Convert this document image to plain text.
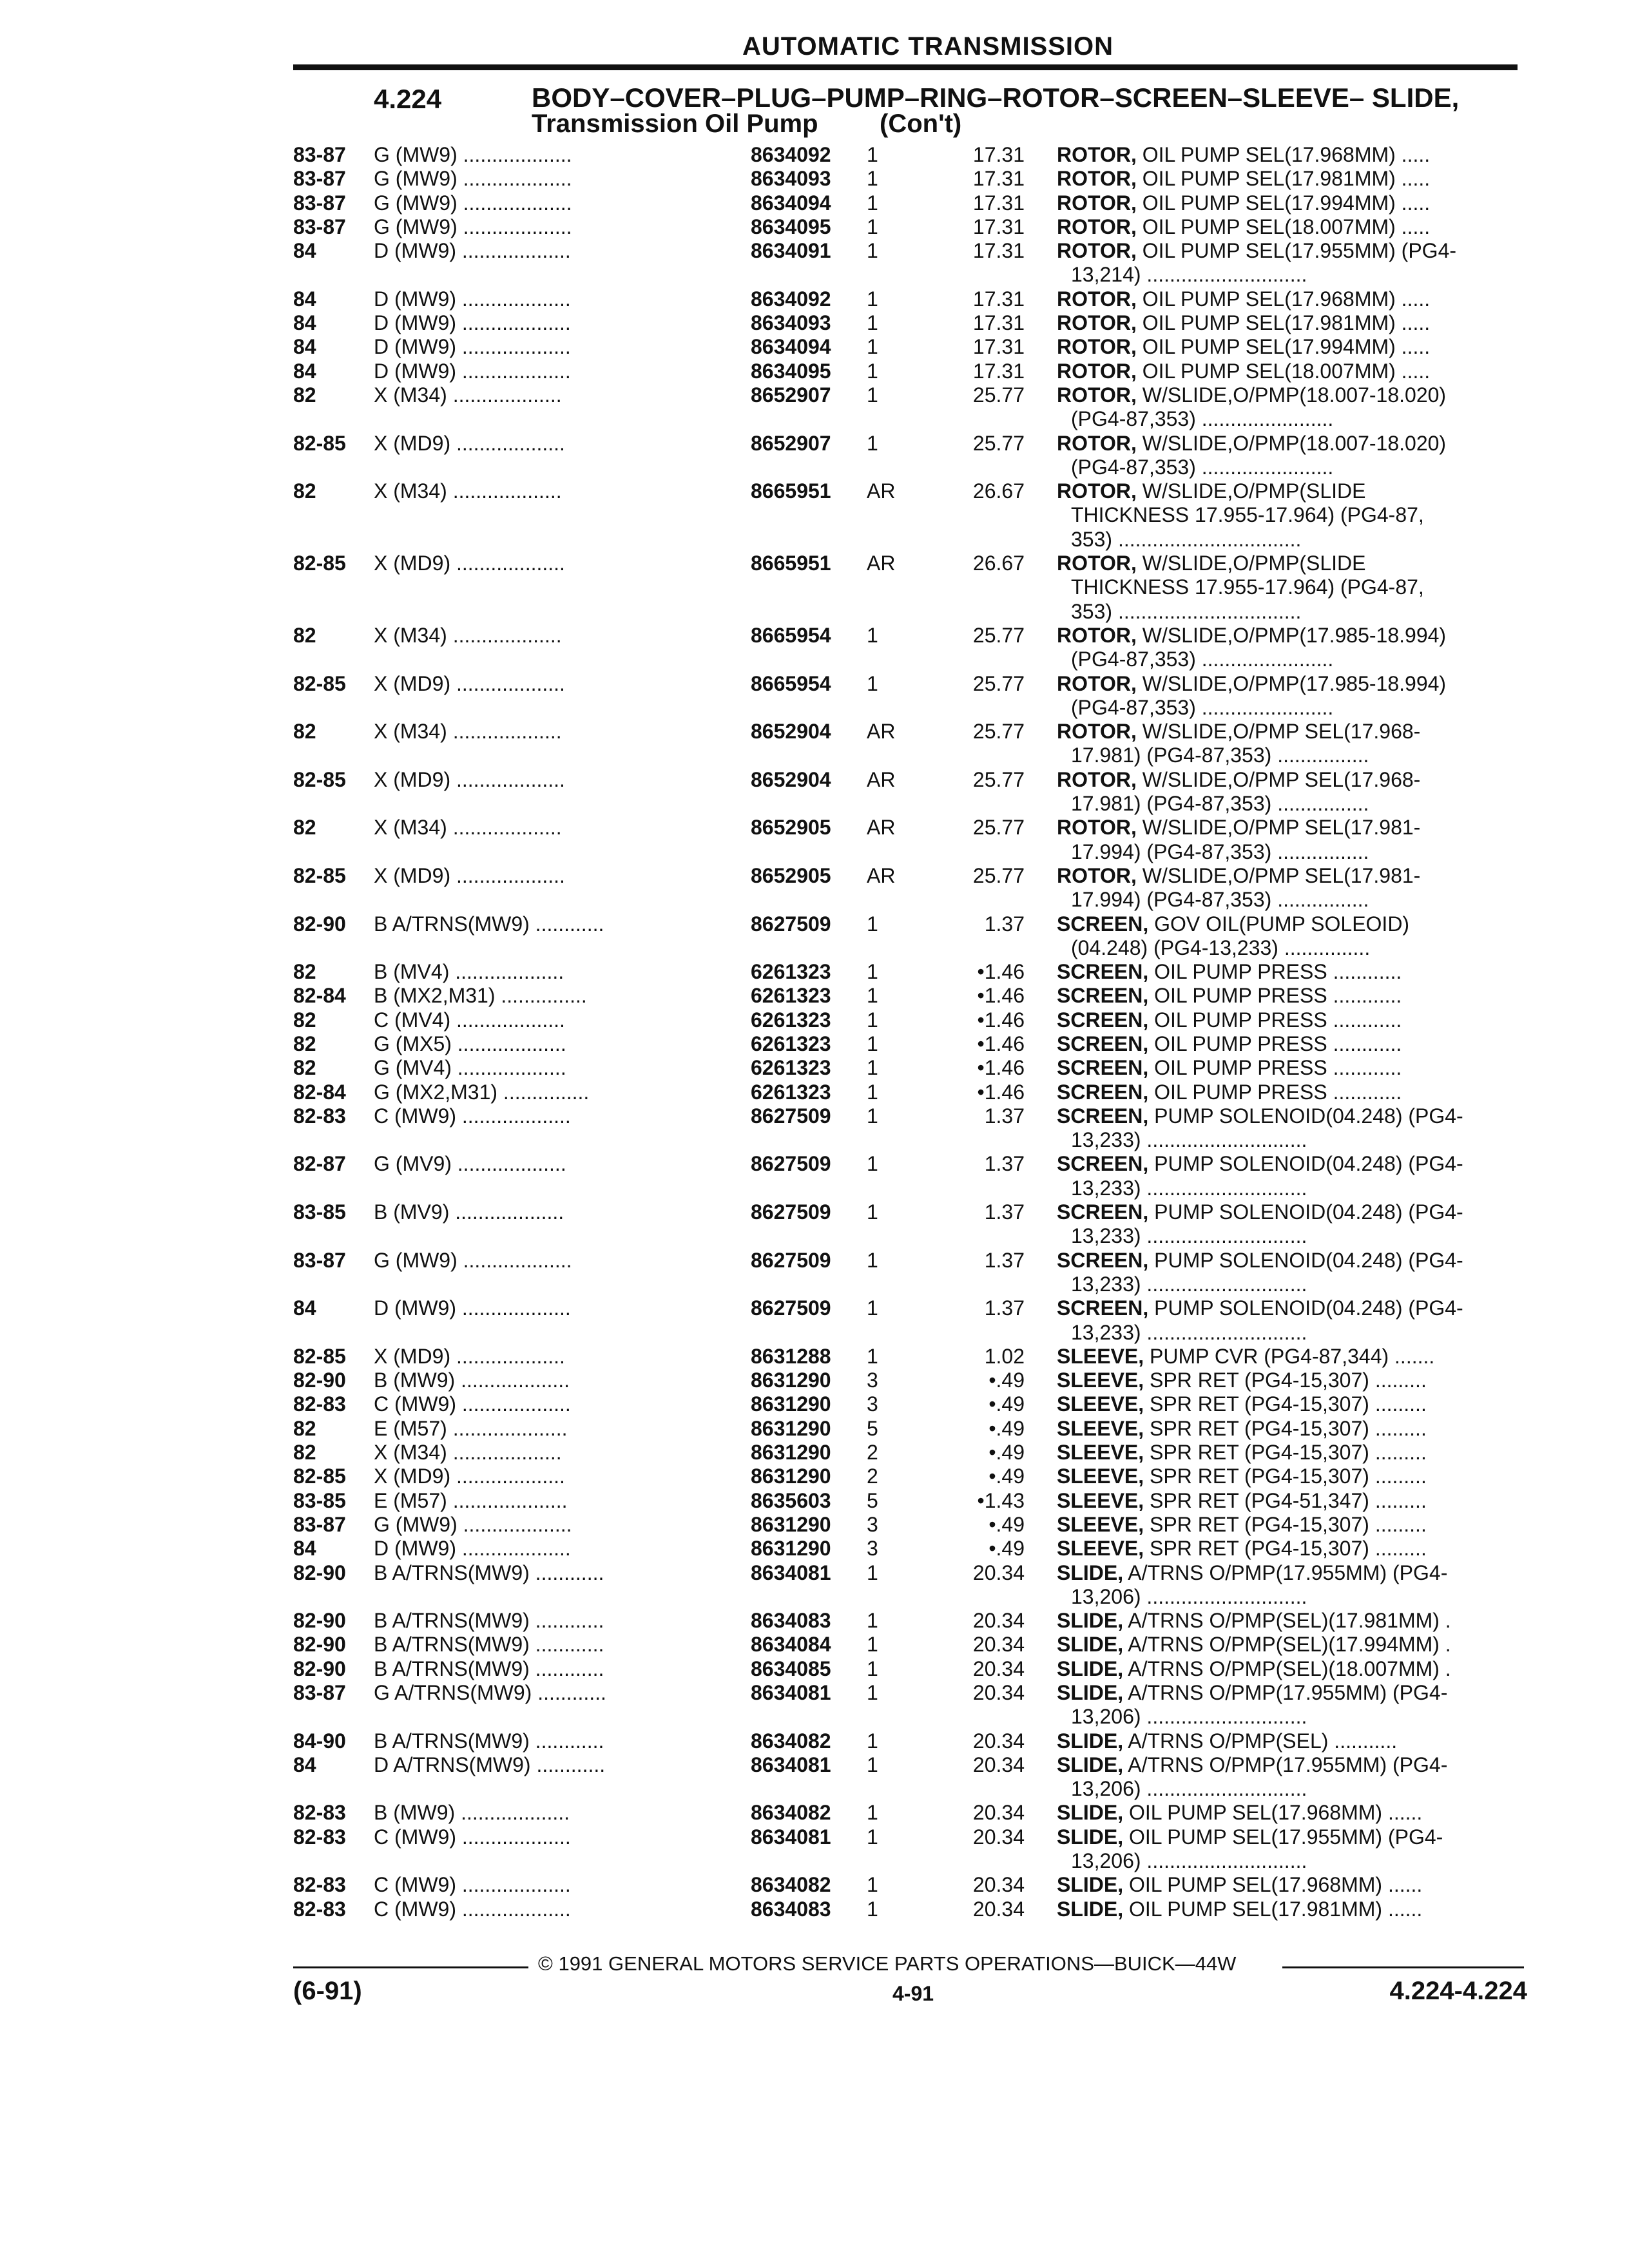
AUTOMATIC TRANSMISSION
4.224	BODY–COVER–PLUG–PUMP–RING–ROTOR–SCREEN–SLEEVE– SLIDE,
Transmission Oil Pump (Con't)
83-87 G (MW9) ...................	8634092 1	17.31 ROTOR, OIL PUMP SEL(17.968MM) .....
83-87 G (MW9) ...................	8634093 1	17.31 ROTOR, OIL PUMP SEL(17.981MM) .....
83-87 G (MW9) ...................	8634094 1	17.31 ROTOR, OIL PUMP SEL(17.994MM) .....
83-87 G (MW9) ...................	8634095 1	17.31 ROTOR, OIL PUMP SEL(18.007MM) .....
84	D (MW9) ...................	8634091 1	17.31 ROTOR, OIL PUMP SEL(17.955MM) (PG4-
13,214) ............................
84	D (MW9) ...................	8634092 1	17.31 ROTOR, OIL PUMP SEL(17.968MM) .....
84	D (MW9) ...................	8634093 1	17.31 ROTOR, OIL PUMP SEL(17.981MM) .....
84	D (MW9) ...................	8634094 1	17.31 ROTOR, OIL PUMP SEL(17.994MM) .....
84	D (MW9) ...................	8634095 1	17.31 ROTOR, OIL PUMP SEL(18.007MM) .....
82	X (M34) ...................	8652907 1	25.77 ROTOR, W/SLIDE,O/PMP(18.007-18.020)
(PG4-87,353) .......................
82-85 X (MD9) ...................	8652907 1	25.77 ROTOR, W/SLIDE,O/PMP(18.007-18.020)
(PG4-87,353) .......................
82	X (M34) ...................	8665951 AR	26.67 ROTOR, W/SLIDE,O/PMP(SLIDE
THICKNESS 17.955-17.964) (PG4-87,
353) ................................
82-85 X (MD9) ...................	8665951 AR	26.67 ROTOR, W/SLIDE,O/PMP(SLIDE
THICKNESS 17.955-17.964) (PG4-87,
353) ................................
82	X (M34) ...................	8665954 1	25.77 ROTOR, W/SLIDE,O/PMP(17.985-18.994)
(PG4-87,353) .......................
82-85 X (MD9) ...................	8665954 1	25.77 ROTOR, W/SLIDE,O/PMP(17.985-18.994)
(PG4-87,353) .......................
82	X (M34) ...................	8652904 AR	25.77 ROTOR, W/SLIDE,O/PMP SEL(17.968-
17.981) (PG4-87,353) ................
82-85 X (MD9) ...................	8652904 AR	25.77 ROTOR, W/SLIDE,O/PMP SEL(17.968-
17.981) (PG4-87,353) ................
82	X (M34) ...................	8652905 AR	25.77 ROTOR, W/SLIDE,O/PMP SEL(17.981-
17.994) (PG4-87,353) ................
82-85 X (MD9) ...................	8652905 AR	25.77 ROTOR, W/SLIDE,O/PMP SEL(17.981-
17.994) (PG4-87,353) ................
82-90 B A/TRNS(MW9) ............	8627509 1	1.37 SCREEN, GOV OIL(PUMP SOLEOID)
(04.248) (PG4-13,233) ...............
82	B (MV4) ...................	6261323 1	•1.46 SCREEN, OIL PUMP PRESS ............
82-84 B (MX2,M31) ...............	6261323 1	•1.46 SCREEN, OIL PUMP PRESS ............
82	C (MV4) ...................	6261323 1	•1.46 SCREEN, OIL PUMP PRESS ............
82	G (MX5) ...................	6261323 1	•1.46 SCREEN, OIL PUMP PRESS ............
82	G (MV4) ...................	6261323 1	•1.46 SCREEN, OIL PUMP PRESS ............
82-84 G (MX2,M31) ...............	6261323 1	•1.46 SCREEN, OIL PUMP PRESS ............
82-83 C (MW9) ...................	8627509 1	1.37 SCREEN, PUMP SOLENOID(04.248) (PG4-
13,233) ............................
82-87 G (MV9) ...................	8627509 1	1.37 SCREEN, PUMP SOLENOID(04.248) (PG4-
13,233) ............................
83-85 B (MV9) ...................	8627509 1	1.37 SCREEN, PUMP SOLENOID(04.248) (PG4-
13,233) ............................
83-87 G (MW9) ...................	8627509 1	1.37 SCREEN, PUMP SOLENOID(04.248) (PG4-
13,233) ............................
84	D (MW9) ...................	8627509 1	1.37 SCREEN, PUMP SOLENOID(04.248) (PG4-
13,233) ............................
82-85 X (MD9) ...................	8631288 1	1.02 SLEEVE, PUMP CVR (PG4-87,344) .......
82-90 B (MW9) ...................	8631290 3	•.49 SLEEVE, SPR RET (PG4-15,307) .........
82-83 C (MW9) ...................	8631290 3	•.49 SLEEVE, SPR RET (PG4-15,307) .........
82	E (M57) ....................	8631290 5	•.49 SLEEVE, SPR RET (PG4-15,307) .........
82	X (M34) ...................	8631290 2	•.49 SLEEVE, SPR RET (PG4-15,307) .........
82-85 X (MD9) ...................	8631290 2	•.49 SLEEVE, SPR RET (PG4-15,307) .........
83-85 E (M57) ....................	8635603 5	•1.43 SLEEVE, SPR RET (PG4-51,347) .........
83-87 G (MW9) ...................	8631290 3	•.49 SLEEVE, SPR RET (PG4-15,307) .........
84	D (MW9) ...................	8631290 3	•.49 SLEEVE, SPR RET (PG4-15,307) .........
82-90 B A/TRNS(MW9) ............	8634081 1	20.34 SLIDE, A/TRNS O/PMP(17.955MM) (PG4-
13,206) ............................
82-90 B A/TRNS(MW9) ............	8634083 1	20.34 SLIDE, A/TRNS O/PMP(SEL)(17.981MM) .
82-90 B A/TRNS(MW9) ............	8634084 1	20.34 SLIDE, A/TRNS O/PMP(SEL)(17.994MM) .
82-90 B A/TRNS(MW9) ............	8634085 1	20.34 SLIDE, A/TRNS O/PMP(SEL)(18.007MM) .
83-87 G A/TRNS(MW9) ............	8634081 1	20.34 SLIDE, A/TRNS O/PMP(17.955MM) (PG4-
13,206) ............................
84-90 B A/TRNS(MW9) ............	8634082 1	20.34 SLIDE, A/TRNS O/PMP(SEL) ...........
84	D A/TRNS(MW9) ............	8634081 1	20.34 SLIDE, A/TRNS O/PMP(17.955MM) (PG4-
13,206) ............................
82-83 B (MW9) ...................	8634082 1	20.34 SLIDE, OIL PUMP SEL(17.968MM) ......
82-83 C (MW9) ...................	8634081 1	20.34 SLIDE, OIL PUMP SEL(17.955MM) (PG4-
13,206) ............................
82-83 C (MW9) ...................	8634082 1	20.34 SLIDE, OIL PUMP SEL(17.968MM) ......
82-83 C (MW9) ...................	8634083 1	20.34 SLIDE, OIL PUMP SEL(17.981MM) ......
© 1991 GENERAL MOTORS SERVICE PARTS OPERATIONS—BUICK—44W
(6-91)	4-91	4.224-4.224
